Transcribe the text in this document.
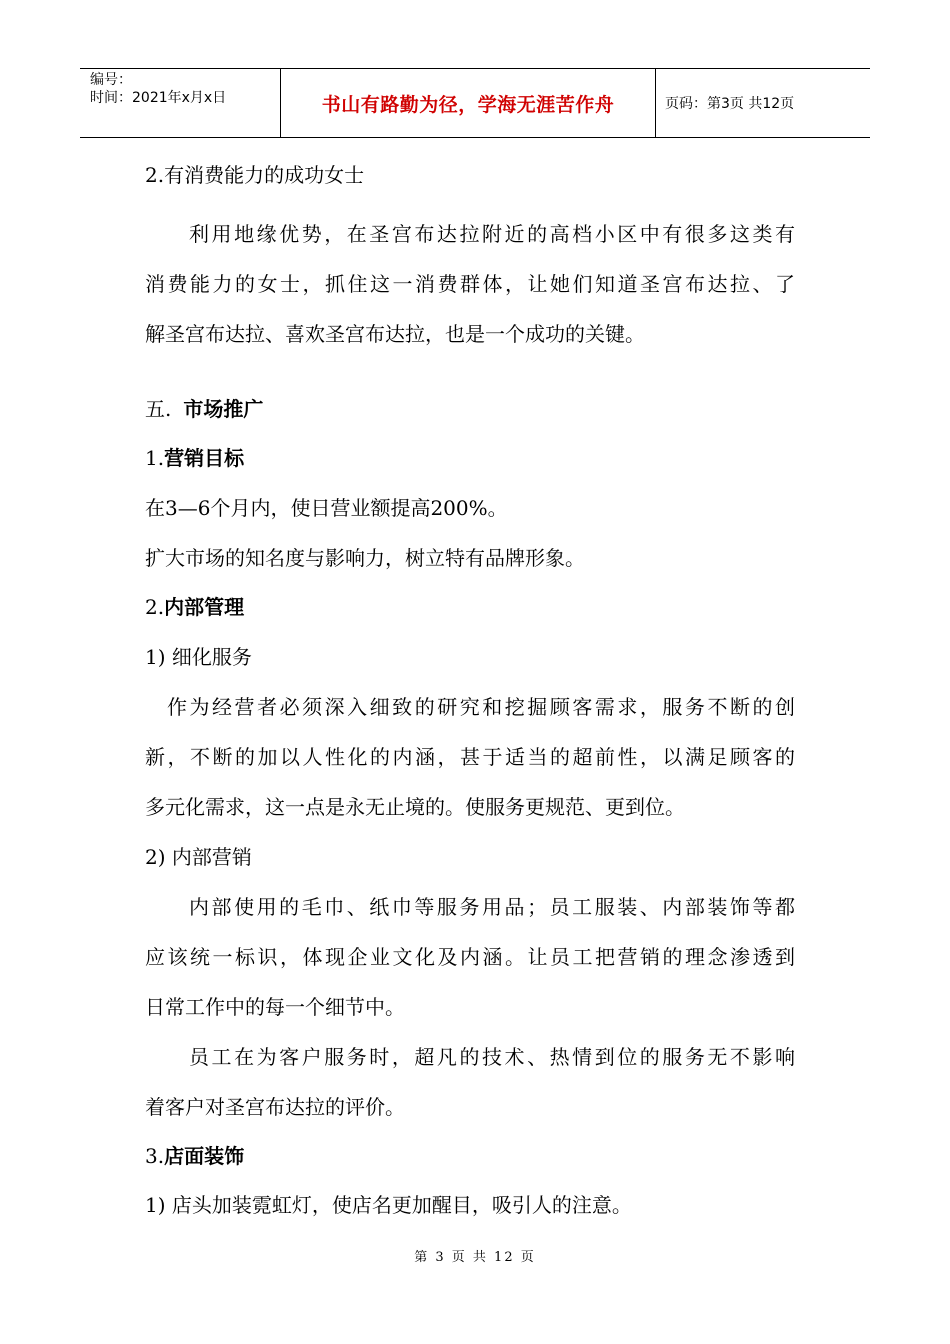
编号：
时间：2021年x月x日	书山有路勤为径，学海无涯苦作舟	页码：第3页 共12页
2.有消费能力的成功女士
利用地缘优势，在圣宫布达拉附近的高档小区中有很多这类有
消费能力的女士，抓住这一消费群体，让她们知道圣宫布达拉、了
解圣宫布达拉、喜欢圣宫布达拉，也是一个成功的关键。
五. 市场推广
1.营销目标
在3—6个月内，使日营业额提高200%。
扩大市场的知名度与影响力，树立特有品牌形象。
2.内部管理
1) 细化服务
作为经营者必须深入细致的研究和挖掘顾客需求，服务不断的创
新，不断的加以人性化的内涵，甚于适当的超前性，以满足顾客的
多元化需求，这一点是永无止境的。使服务更规范、更到位。
2) 内部营销
内部使用的毛巾、纸巾等服务用品；员工服装、内部装饰等都
应该统一标识，体现企业文化及内涵。让员工把营销的理念渗透到
日常工作中的每一个细节中。
员工在为客户服务时，超凡的技术、热情到位的服务无不影响
着客户对圣宫布达拉的评价。
3.店面装饰
1) 店头加装霓虹灯，使店名更加醒目，吸引人的注意。
第 3 页 共 12 页
